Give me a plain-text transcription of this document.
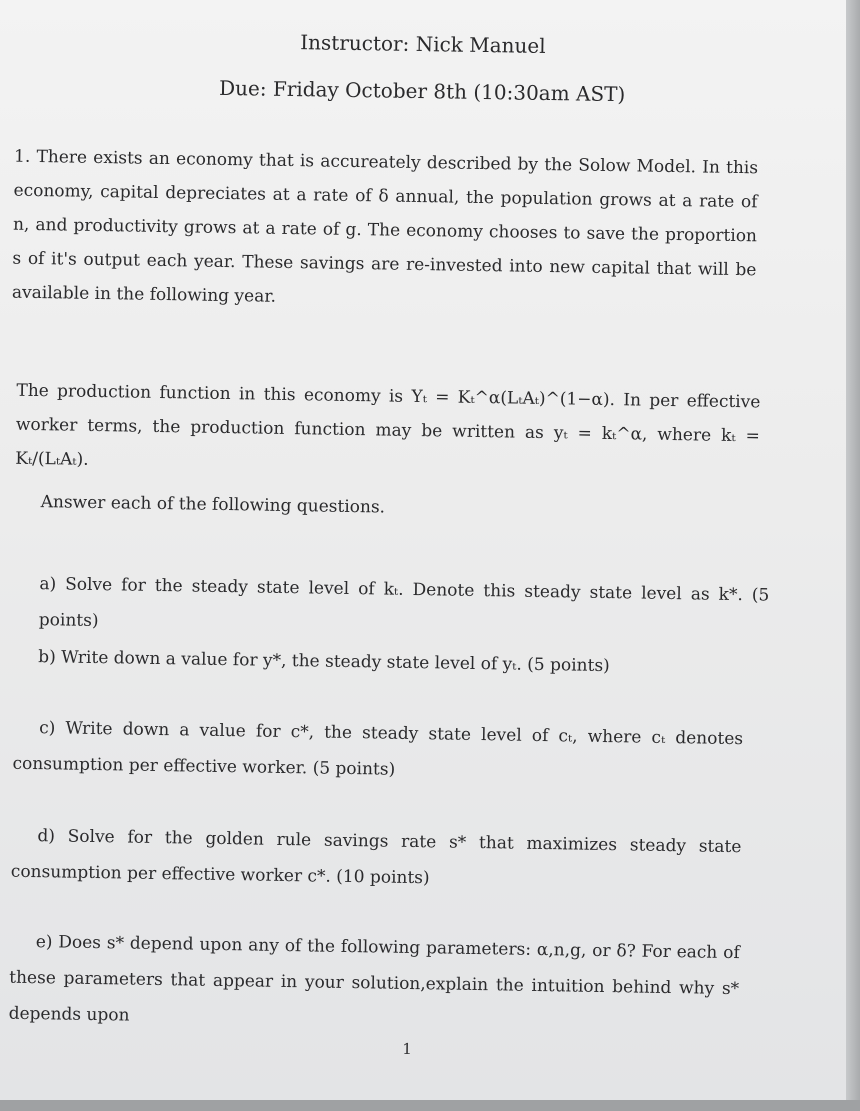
Instructor: Nick Manuel
Due: Friday October 8th (10:30am AST)
1. There exists an economy that is accureately described by the Solow Model. In this economy, capital depreciates at a rate of δ annual, the population grows at a rate of n, and productivity grows at a rate of g. The economy chooses to save the proportion s of it's output each year. These savings are re-invested into new capital that will be available in the following year.
The production function in this economy is Yₜ = Kₜ^α(LₜAₜ)^(1−α). In per effective worker terms, the production function may be written as yₜ = kₜ^α, where kₜ = Kₜ/(LₜAₜ).
Answer each of the following questions.
a) Solve for the steady state level of kₜ. Denote this steady state level as k*. (5 points)
b) Write down a value for y*, the steady state level of yₜ. (5 points)
c) Write down a value for c*, the steady state level of cₜ, where cₜ denotes consumption per effective worker. (5 points)
d) Solve for the golden rule savings rate s* that maximizes steady state consumption per effective worker c*. (10 points)
e) Does s* depend upon any of the following parameters: α,n,g, or δ? For each of these parameters that appear in your solution,explain the intuition behind why s* depends upon
1
